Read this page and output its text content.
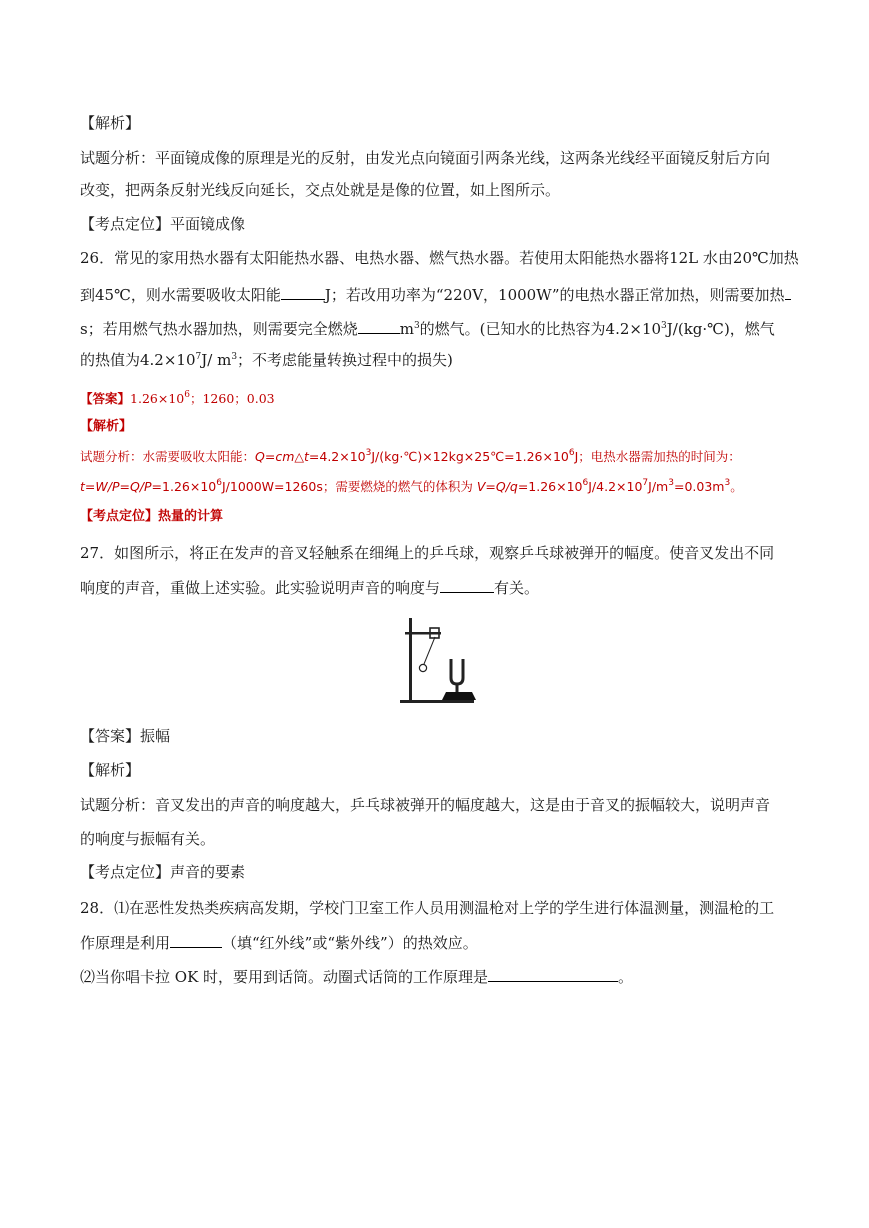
【解析】
试题分析：平面镜成像的原理是光的反射，由发光点向镜面引两条光线，这两条光线经平面镜反射后方向
改变，把两条反射光线反向延长，交点处就是是像的位置，如上图所示。
【考点定位】平面镜成像
26．常见的家用热水器有太阳能热水器、电热水器、燃气热水器。若使用太阳能热水器将12L 水由20℃加热
到45℃，则水需要吸收太阳能	J；若改用功率为“220V，1000W”的电热水器正常加热，则需要加热
s；若用燃气热水器加热，则需要完全燃烧	$m^3$的燃气。(已知水的比热容为$4.2\times 10^3J/(kg\cdot℃)$，燃气
的热值为$4.2\times 10^7J/$ $m^3$；不考虑能量转换过程中的损失)
【答案】$1.26\times 10^6$；1260；0.03
【解析】
试题分析：水需要吸收太阳能：$Q=cm\triangle t=4.2\times 10^3J/(kg\cdot℃)\times 12kg\times 25℃=1.26\times 10^6J$；电热水器需加热的时间为：
$t=W/P=Q/P=1.26\times 10^6J/1000W=1260s$；需要燃烧的燃气的体积为 $V=Q/q=1.26\times 10^6J/4.2\times 10^7J/m^3=0.03m^3$。
【考点定位】热量的计算
27．如图所示，将正在发声的音叉轻触系在细绳上的乒乓球，观察乒乓球被弹开的幅度。使音叉发出不同
响度的声音，重做上述实验。此实验说明声音的响度与	有关。
【答案】振幅
【解析】
试题分析：音叉发出的声音的响度越大，乒乓球被弹开的幅度越大，这是由于音叉的振幅较大，说明声音
的响度与振幅有关。
【考点定位】声音的要素
28．⑴在恶性发热类疾病高发期，学校门卫室工作人员用测温枪对上学的学生进行体温测量，测温枪的工
作原理是利用	（填“红外线”或“紫外线”）的热效应。
⑵当你唱卡拉 OK 时，要用到话筒。动圈式话筒的工作原理是	。
